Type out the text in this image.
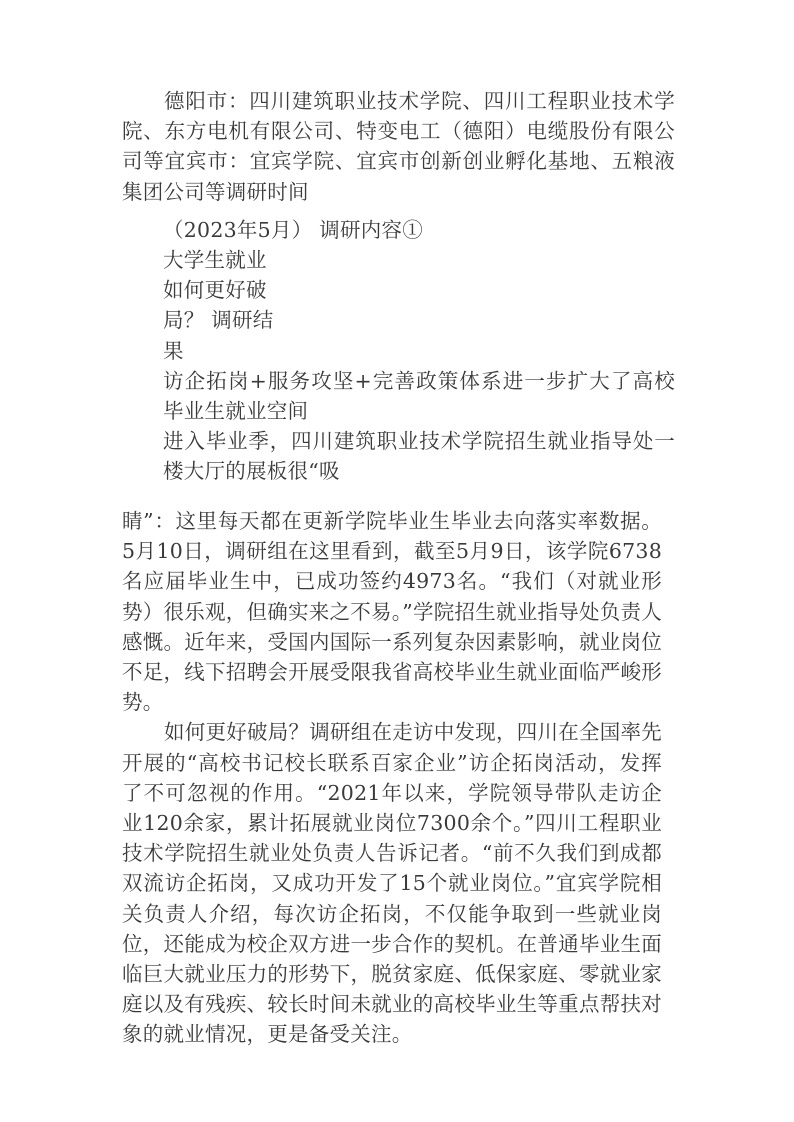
德阳市：四川建筑职业技术学院、四川工程职业技术学院、东方电机有限公司、特变电工（德阳）电缆股份有限公司等宜宾市：宜宾学院、宜宾市创新创业孵化基地、五粮液集团公司等调研时间

（2023年5月） 调研内容①

大学生就业

如何更好破

局？ 调研结

果

访企拓岗+服务攻坚+完善政策体系进一步扩大了高校毕业生就业空间

进入毕业季，四川建筑职业技术学院招生就业指导处一楼大厅的展板很“吸

睛”：这里每天都在更新学院毕业生毕业去向落实率数据。5月10日，调研组在这里看到，截至5月9日，该学院6738名应届毕业生中，已成功签约4973名。“我们（对就业形势）很乐观，但确实来之不易。”学院招生就业指导处负责人感慨。近年来，受国内国际一系列复杂因素影响，就业岗位不足，线下招聘会开展受限我省高校毕业生就业面临严峻形势。

如何更好破局？调研组在走访中发现，四川在全国率先开展的“高校书记校长联系百家企业”访企拓岗活动，发挥了不可忽视的作用。“2021年以来，学院领导带队走访企业120余家，累计拓展就业岗位7300余个。”四川工程职业技术学院招生就业处负责人告诉记者。“前不久我们到成都双流访企拓岗，又成功开发了15个就业岗位。”宜宾学院相关负责人介绍，每次访企拓岗，不仅能争取到一些就业岗位，还能成为校企双方进一步合作的契机。在普通毕业生面临巨大就业压力的形势下，脱贫家庭、低保家庭、零就业家庭以及有残疾、较长时间未就业的高校毕业生等重点帮扶对象的就业情况，更是备受关注。
